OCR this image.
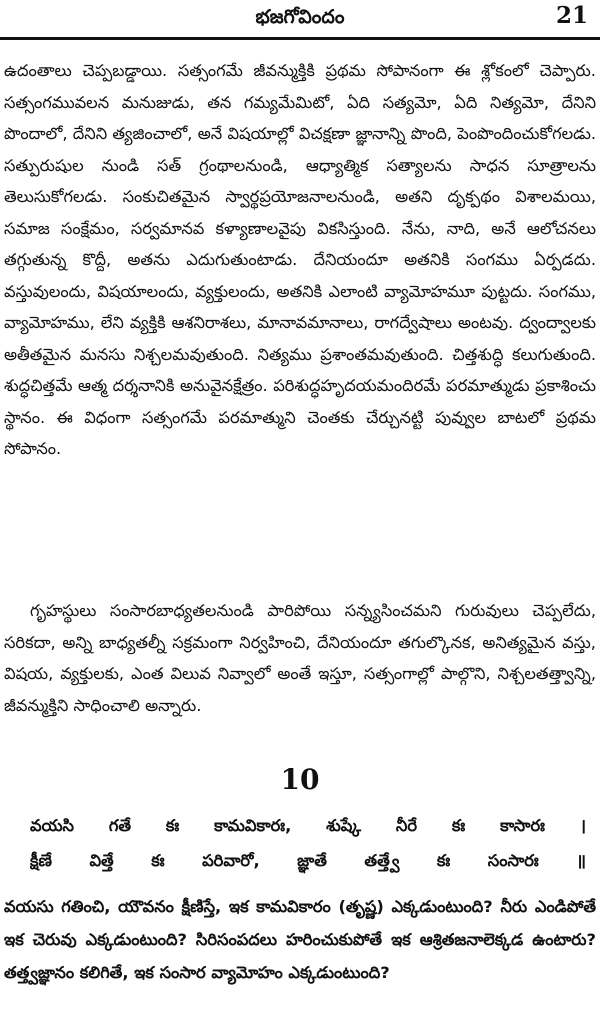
భజగోవిందం	21

ఉదంతాలు చెప్పబడ్డాయి. సత్సంగమే జీవన్ముక్తికి ప్రథమ సోపానంగా ఈ శ్లోకంలో చెప్పారు. సత్సంగమువలన మనుజుడు, తన గమ్యమేమిటో, ఏది సత్యమో, ఏది నిత్యమో, దేనిని పొందాలో, దేనిని త్యజించాలో, అనే విషయాల్లో విచక్షణా జ్ఞానాన్ని పొంది, పెంపొందించుకోగలడు. సత్పురుషుల నుండి సత్ గ్రంథాలనుండి, ఆధ్యాత్మిక సత్యాలను సాధన సూత్రాలను తెలుసుకోగలడు. సంకుచితమైన స్వార్థప్రయోజనాలనుండి, అతని దృక్పథం విశాలమయి, సమాజ సంక్షేమం, సర్వమానవ కళ్యాణాలవైపు వికసిస్తుంది. నేను, నాది, అనే ఆలోచనలు తగ్గుతున్న కొద్దీ, అతను ఎదుగుతుంటాడు. దేనియందూ అతనికి సంగము ఏర్పడదు. వస్తువులందు, విషయాలందు, వ్యక్తులందు, అతనికి ఎలాంటి వ్యామోహమూ పుట్టదు. సంగము, వ్యామోహము, లేని వ్యక్తికి ఆశనిరాశలు, మానావమానాలు, రాగద్వేషాలు అంటవు. ద్వంద్వాలకు అతీతమైన మనసు నిశ్చలమవుతుంది. నిత్యము ప్రశాంతమవుతుంది. చిత్తశుద్ధి కలుగుతుంది. శుద్ధచిత్తమే ఆత్మ దర్శనానికి అనువైనక్షేత్రం. పరిశుద్ధహృదయమందిరమే పరమాత్ముడు ప్రకాశించు స్థానం. ఈ విధంగా సత్సంగమే పరమాత్ముని చెంతకు చేర్చునట్టి పువ్వుల బాటలో ప్రథమ సోపానం.

గృహస్థులు సంసారబాధ్యతలనుండి పారిపోయి సన్న్యసించమని గురువులు చెప్పలేదు, సరికదా, అన్ని బాధ్యతల్నీ సక్రమంగా నిర్వహించి, దేనియందూ తగుల్కొనక, అనిత్యమైన వస్తు, విషయ, వ్యక్తులకు, ఎంత విలువ నివ్వాలో అంతే ఇస్తూ, సత్సంగాల్లో పాల్గొని, నిశ్చలతత్త్వాన్ని, జీవన్ముక్తిని సాధించాలి అన్నారు.

10

వయసి గతే కః కామవికారః, శుష్కే నీరే కః కాసారః ।

క్షీణే విత్తే కః పరివారో, జ్ఞాతే తత్త్వే కః సంసారః ॥

వయసు గతించి, యౌవనం క్షీణిస్తే, ఇక కామవికారం (తృష్ణ) ఎక్కడుంటుంది? నీరు ఎండిపోతే ఇక చెరువు ఎక్కడుంటుంది? సిరిసంపదలు హరించుకుపోతే ఇక ఆశ్రితజనాలెక్కడ ఉంటారు? తత్త్వజ్ఞానం కలిగితే, ఇక సంసార వ్యామోహం ఎక్కడుంటుంది?
